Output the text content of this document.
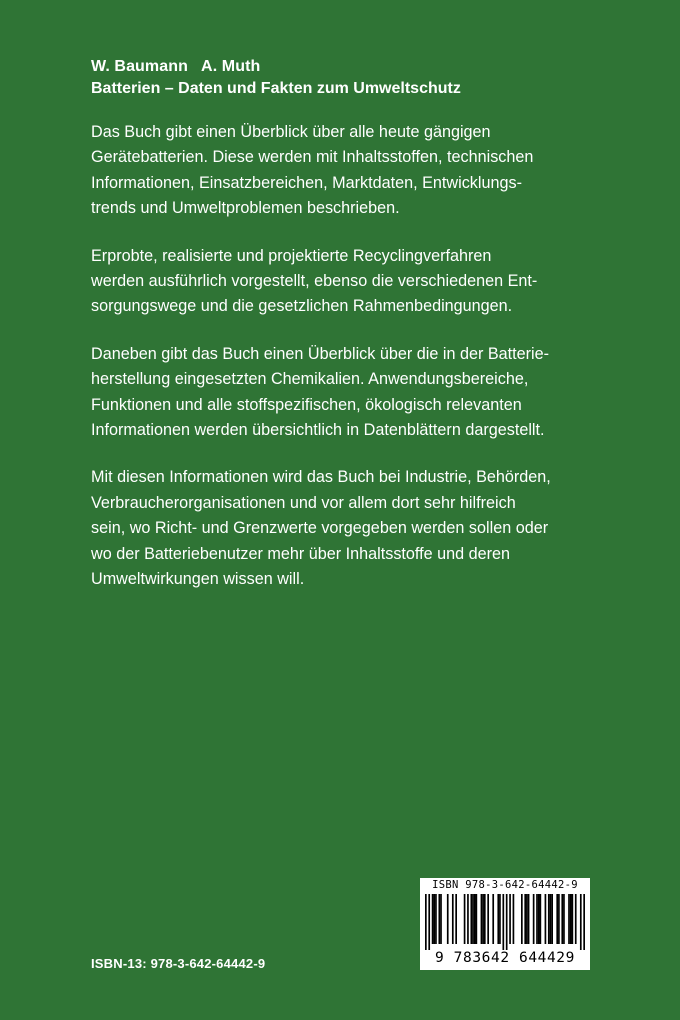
W. Baumann   A. Muth
Batterien – Daten und Fakten zum Umweltschutz

Das Buch gibt einen Überblick über alle heute gängigen
Gerätebatterien. Diese werden mit Inhaltsstoffen, technischen
Informationen, Einsatzbereichen, Marktdaten, Entwicklungs-
trends und Umweltproblemen beschrieben.

Erprobte, realisierte und projektierte Recyclingverfahren
werden ausführlich vorgestellt, ebenso die verschiedenen Ent-
sorgungswege und die gesetzlichen Rahmenbedingungen.

Daneben gibt das Buch einen Überblick über die in der Batterie-
herstellung eingesetzten Chemikalien. Anwendungsbereiche,
Funktionen und alle stoffspezifischen, ökologisch relevanten
Informationen werden übersichtlich in Datenblättern dargestellt.

Mit diesen Informationen wird das Buch bei Industrie, Behörden,
Verbraucherorganisationen und vor allem dort sehr hilfreich
sein, wo Richt- und Grenzwerte vorgegeben werden sollen oder
wo der Batteriebenutzer mehr über Inhaltsstoffe und deren
Umweltwirkungen wissen will.

ISBN-13: 978-3-642-64442-9
ISBN 978-3-642-64442-9
9 783642 644429
